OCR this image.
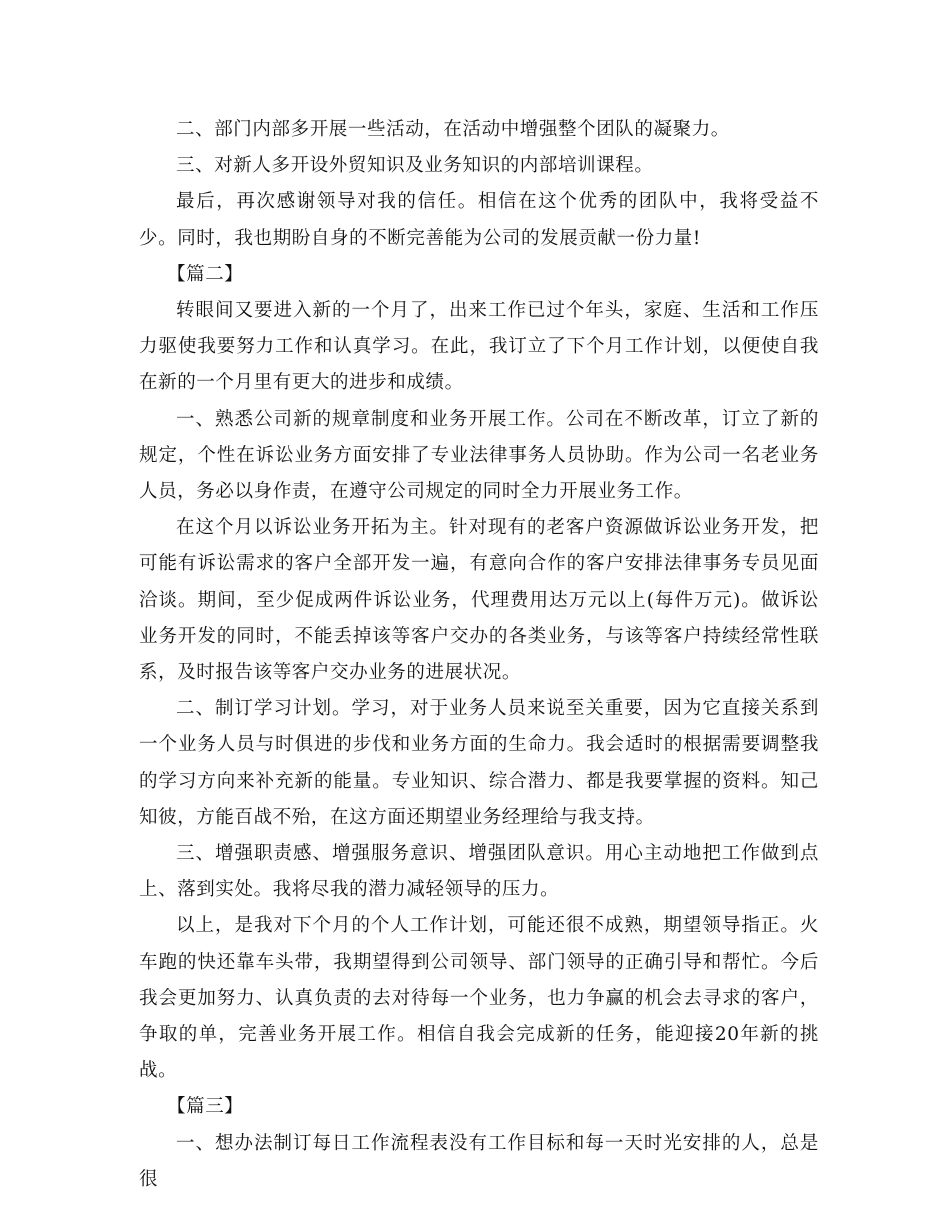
二、部门内部多开展一些活动，在活动中增强整个团队的凝聚力。

三、对新人多开设外贸知识及业务知识的内部培训课程。

最后，再次感谢领导对我的信任。相信在这个优秀的团队中，我将受益不少。同时，我也期盼自身的不断完善能为公司的发展贡献一份力量!

【篇二】

转眼间又要进入新的一个月了，出来工作已过个年头，家庭、生活和工作压力驱使我要努力工作和认真学习。在此，我订立了下个月工作计划，以便使自我在新的一个月里有更大的进步和成绩。

一、熟悉公司新的规章制度和业务开展工作。公司在不断改革，订立了新的规定，个性在诉讼业务方面安排了专业法律事务人员协助。作为公司一名老业务人员，务必以身作责，在遵守公司规定的同时全力开展业务工作。

在这个月以诉讼业务开拓为主。针对现有的老客户资源做诉讼业务开发，把可能有诉讼需求的客户全部开发一遍，有意向合作的客户安排法律事务专员见面洽谈。期间，至少促成两件诉讼业务，代理费用达万元以上(每件万元)。做诉讼业务开发的同时，不能丢掉该等客户交办的各类业务，与该等客户持续经常性联系，及时报告该等客户交办业务的进展状况。

二、制订学习计划。学习，对于业务人员来说至关重要，因为它直接关系到一个业务人员与时俱进的步伐和业务方面的生命力。我会适时的根据需要调整我的学习方向来补充新的能量。专业知识、综合潜力、都是我要掌握的资料。知己知彼，方能百战不殆，在这方面还期望业务经理给与我支持。

三、增强职责感、增强服务意识、增强团队意识。用心主动地把工作做到点上、落到实处。我将尽我的潜力减轻领导的压力。

以上，是我对下个月的个人工作计划，可能还很不成熟，期望领导指正。火车跑的快还靠车头带，我期望得到公司领导、部门领导的正确引导和帮忙。今后我会更加努力、认真负责的去对待每一个业务，也力争赢的机会去寻求的客户，争取的单，完善业务开展工作。相信自我会完成新的任务，能迎接20年新的挑战。

【篇三】

一、想办法制订每日工作流程表没有工作目标和每一天时光安排的人，总是很
